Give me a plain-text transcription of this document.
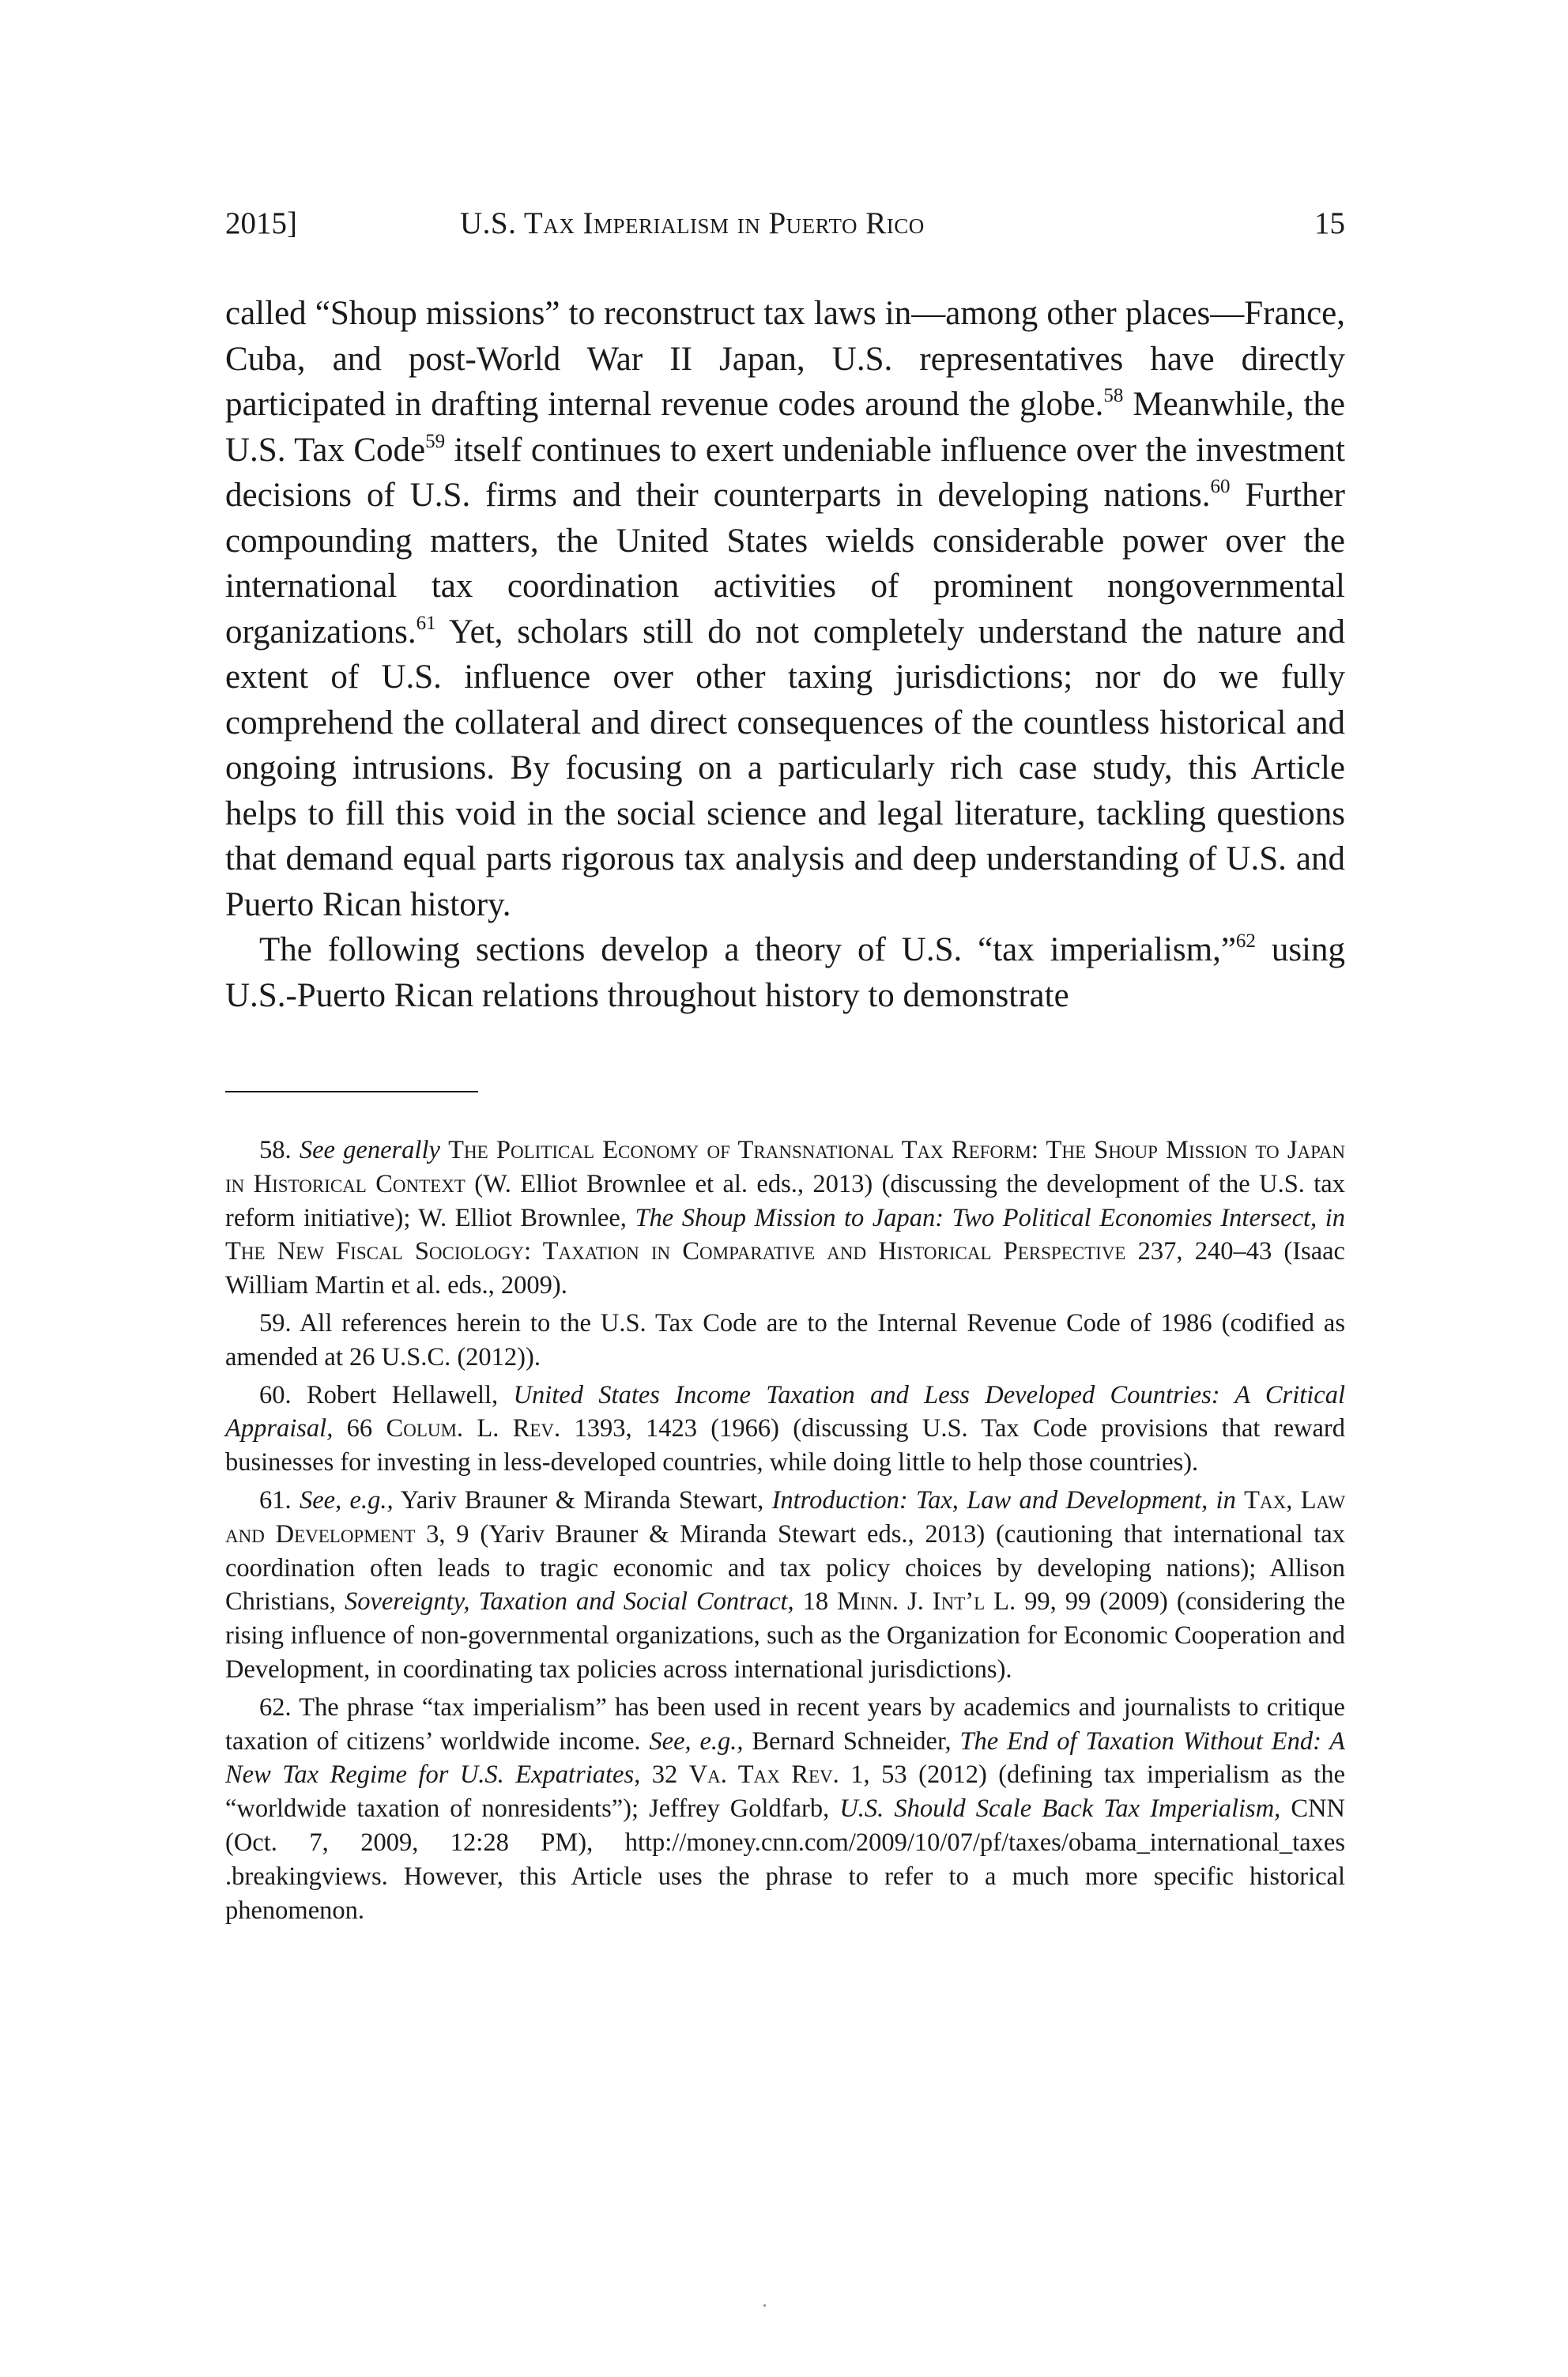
2015]	U.S. Tax Imperialism in Puerto Rico	15

called “Shoup missions” to reconstruct tax laws in—among other places—France, Cuba, and post-World War II Japan, U.S. representatives have directly participated in drafting internal revenue codes around the globe.$^{58}$ Meanwhile, the U.S. Tax Code$^{59}$ itself continues to exert undeniable influence over the investment decisions of U.S. firms and their counterparts in developing nations.$^{60}$ Further compounding matters, the United States wields considerable power over the international tax coordination activities of prominent nongovernmental organizations.$^{61}$ Yet, scholars still do not completely understand the nature and extent of U.S. influence over other taxing jurisdictions; nor do we fully comprehend the collateral and direct consequences of the countless historical and ongoing intrusions. By focusing on a particularly rich case study, this Article helps to fill this void in the social science and legal literature, tackling questions that demand equal parts rigorous tax analysis and deep understanding of U.S. and Puerto Rican history.

The following sections develop a theory of U.S. “tax imperialism,”$^{62}$ using U.S.-Puerto Rican relations throughout history to demonstrate

58. See generally The Political Economy of Transnational Tax Reform: The Shoup Mission to Japan in Historical Context (W. Elliot Brownlee et al. eds., 2013) (discussing the development of the U.S. tax reform initiative); W. Elliot Brownlee, The Shoup Mission to Japan: Two Political Economies Intersect, in The New Fiscal Sociology: Taxation in Comparative and Historical Perspective 237, 240–43 (Isaac William Martin et al. eds., 2009).

59. All references herein to the U.S. Tax Code are to the Internal Revenue Code of 1986 (codified as amended at 26 U.S.C. (2012)).

60. Robert Hellawell, United States Income Taxation and Less Developed Countries: A Critical Appraisal, 66 Colum. L. Rev. 1393, 1423 (1966) (discussing U.S. Tax Code provisions that reward businesses for investing in less-developed countries, while doing little to help those countries).

61. See, e.g., Yariv Brauner & Miranda Stewart, Introduction: Tax, Law and Development, in Tax, Law and Development 3, 9 (Yariv Brauner & Miranda Stewart eds., 2013) (cautioning that international tax coordination often leads to tragic economic and tax policy choices by developing nations); Allison Christians, Sovereignty, Taxation and Social Contract, 18 Minn. J. Int’l L. 99, 99 (2009) (considering the rising influence of non-governmental organizations, such as the Organization for Economic Cooperation and Development, in coordinating tax policies across international jurisdictions).

62. The phrase “tax imperialism” has been used in recent years by academics and journalists to critique taxation of citizens’ worldwide income. See, e.g., Bernard Schneider, The End of Taxation Without End: A New Tax Regime for U.S. Expatriates, 32 Va. Tax Rev. 1, 53 (2012) (defining tax imperialism as the “worldwide taxation of nonresidents”); Jeffrey Goldfarb, U.S. Should Scale Back Tax Imperialism, CNN (Oct. 7, 2009, 12:28 PM), http://money.cnn.com/2009/10/07/pf/taxes/obama_international_taxes .breakingviews. However, this Article uses the phrase to refer to a much more specific historical phenomenon.
